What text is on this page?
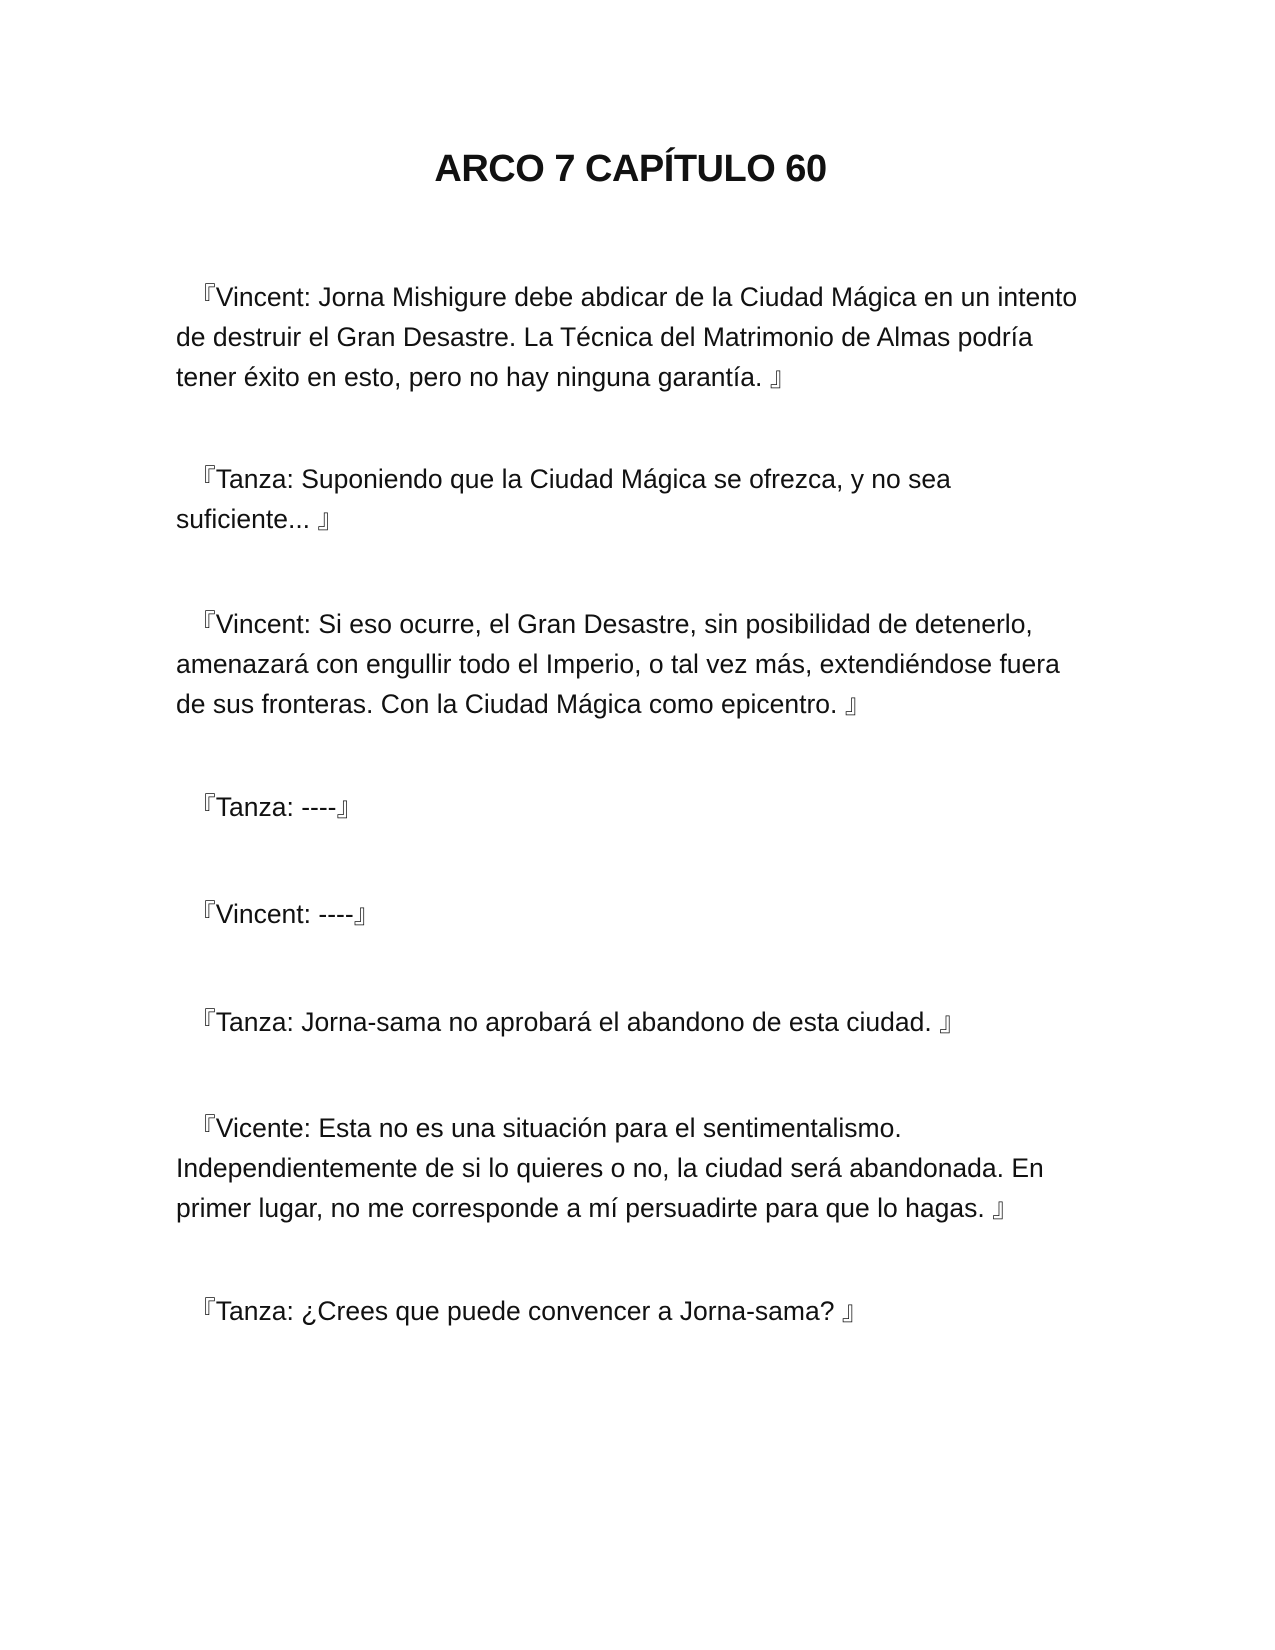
ARCO 7 CAPÍTULO 60

　『Vincent: Jorna Mishigure debe abdicar de la Ciudad Mágica en un intento de destruir el Gran Desastre. La Técnica del Matrimonio de Almas podría tener éxito en esto, pero no hay ninguna garantía. 』

　『Tanza: Suponiendo que la Ciudad Mágica se ofrezca, y no sea suficiente... 』

　『Vincent: Si eso ocurre, el Gran Desastre, sin posibilidad de detenerlo, amenazará con engullir todo el Imperio, o tal vez más, extendiéndose fuera de sus fronteras. Con la Ciudad Mágica como epicentro. 』

　『Tanza: ----』

　『Vincent: ----』

　『Tanza: Jorna-sama no aprobará el abandono de esta ciudad. 』

　『Vicente: Esta no es una situación para el sentimentalismo. Independientemente de si lo quieres o no, la ciudad será abandonada. En primer lugar, no me corresponde a mí persuadirte para que lo hagas. 』

　『Tanza: ¿Crees que puede convencer a Jorna-sama? 』
